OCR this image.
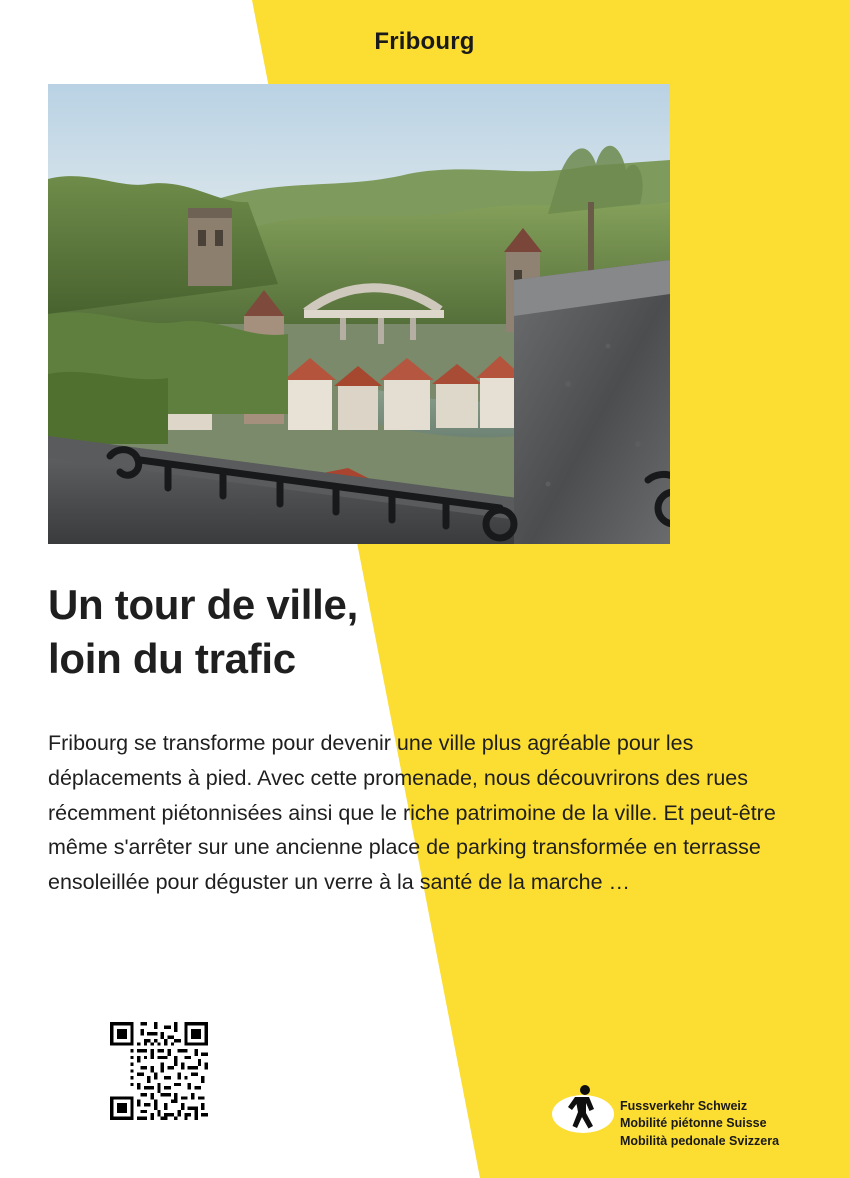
Fribourg
Un tour de ville,
loin du trafic
Fribourg se transforme pour devenir une ville plus agréable pour les déplacements à pied. Avec cette promenade, nous découvrirons des rues récemment piétonnisées ainsi que le riche patrimoine de la ville. Et peut-être même s'arrêter sur une ancienne place de parking transformée en terrasse ensoleillée pour déguster un verre à la santé de la marche …
Fussverkehr Schweiz
Mobilité piétonne Suisse
Mobilità pedonale Svizzera
